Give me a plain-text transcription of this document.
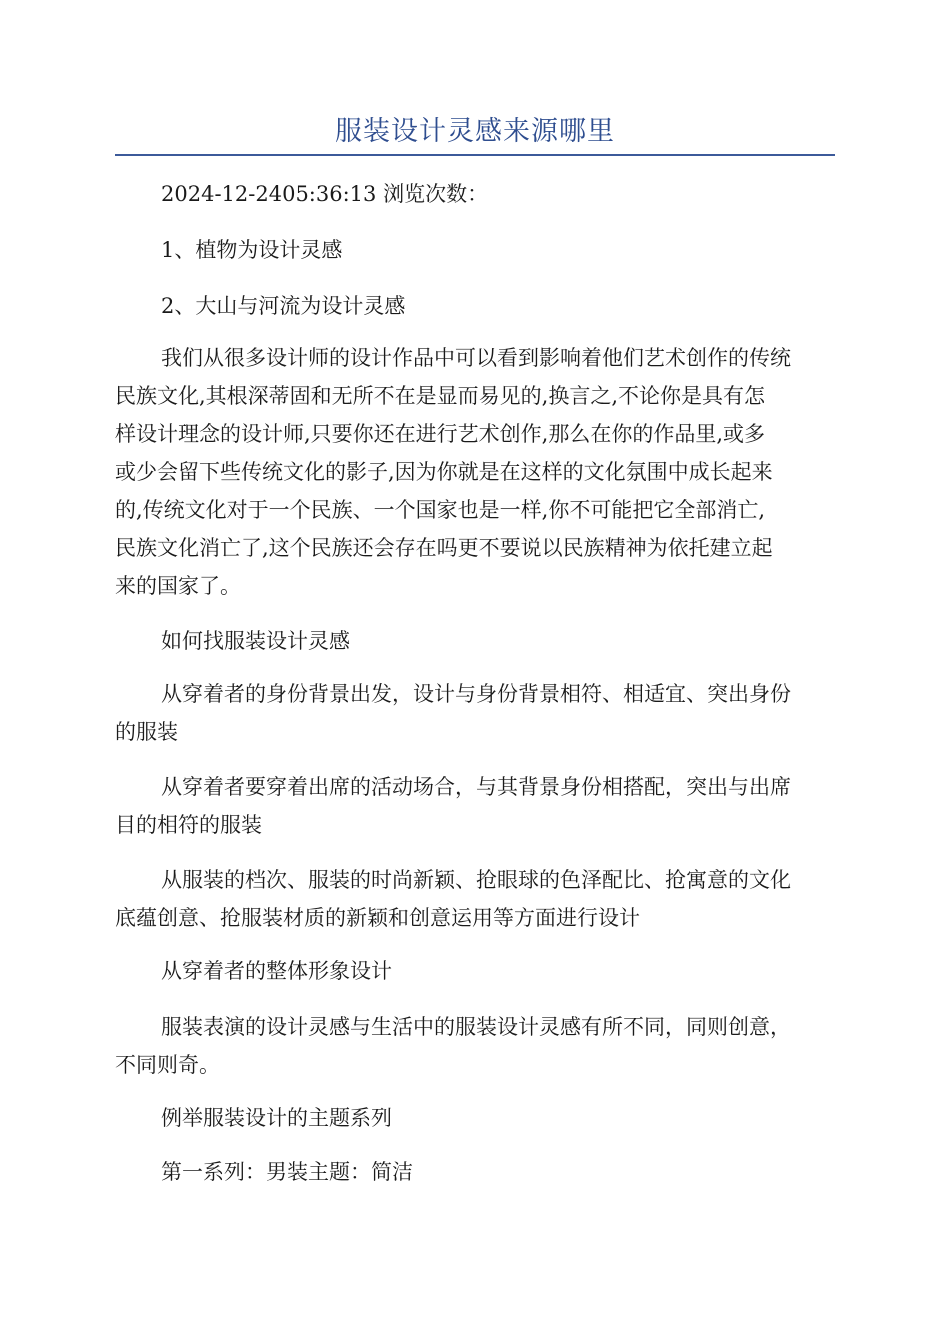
服装设计灵感来源哪里

2024-12-2405:36:13 浏览次数：

1、植物为设计灵感

2、大山与河流为设计灵感

我们从很多设计师的设计作品中可以看到影响着他们艺术创作的传统
民族文化,其根深蒂固和无所不在是显而易见的,换言之,不论你是具有怎
样设计理念的设计师,只要你还在进行艺术创作,那么在你的作品里,或多
或少会留下些传统文化的影子,因为你就是在这样的文化氛围中成长起来
的,传统文化对于一个民族、一个国家也是一样,你不可能把它全部消亡,
民族文化消亡了,这个民族还会存在吗更不要说以民族精神为依托建立起
来的国家了。

如何找服装设计灵感

从穿着者的身份背景出发，设计与身份背景相符、相适宜、突出身份
的服装

从穿着者要穿着出席的活动场合，与其背景身份相搭配，突出与出席
目的相符的服装

从服装的档次、服装的时尚新颖、抢眼球的色泽配比、抢寓意的文化
底蕴创意、抢服装材质的新颖和创意运用等方面进行设计

从穿着者的整体形象设计

服装表演的设计灵感与生活中的服装设计灵感有所不同，同则创意，
不同则奇。

例举服装设计的主题系列

第一系列：男装主题：简洁
